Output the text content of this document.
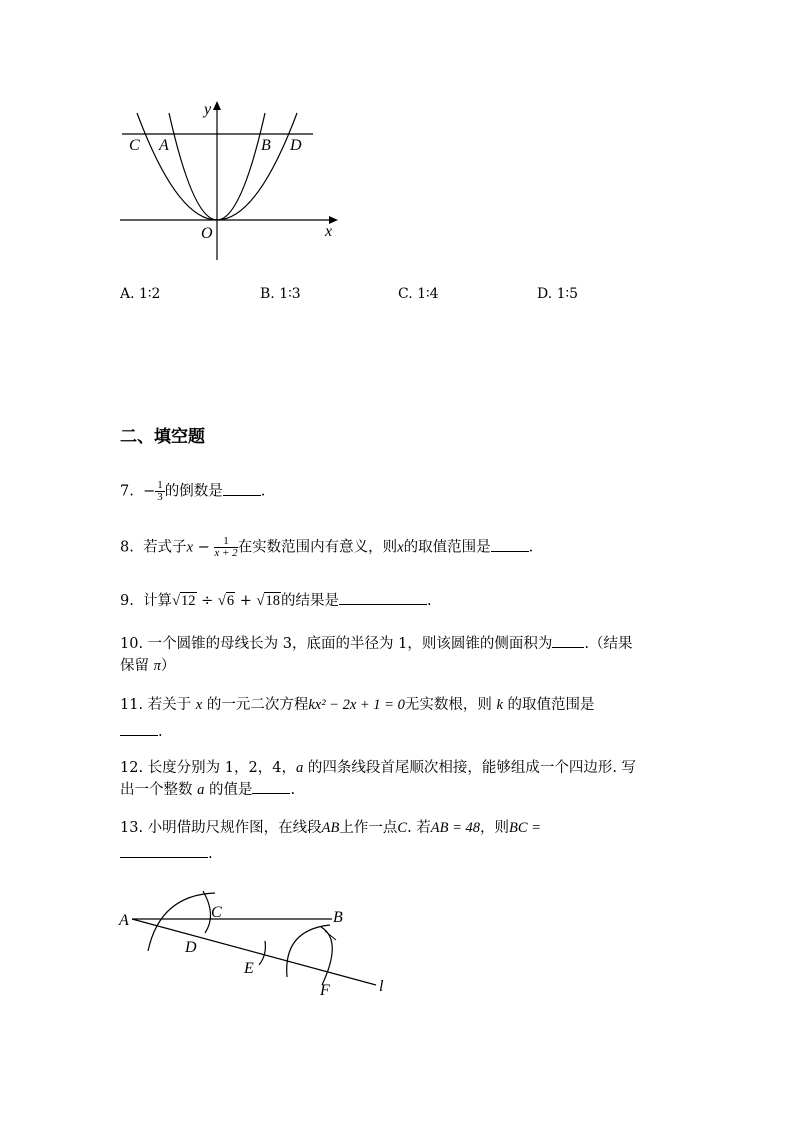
y
x
O
C A	B D
A. 1∶2	B. 1∶3	C. 1∶4	D. 1∶5
二、填空题
7. − $\frac{1}{3}$ 的倒数是	.
8. 若式子$x - \frac{1}{x + 2}$ 在实数范围内有意义，则x的取值范围是	.
9. 计算√12 ÷ √6 + √18的结果是	.
10. 一个圆锥的母线长为 3，底面的半径为 1，则该圆锥的侧面积为 .（结果
保留 π）
11. 若关于 x 的一元二次方程kx² − 2x + 1 = 0无实数根，则 k 的取值范围是
.
12. 长度分别为 1，2，4，a 的四条线段首尾顺次相接，能够组成一个四边形. 写
出一个整数 a 的值是	.
13. 小明借助尺规作图，在线段AB上作一点C. 若AB = 48，则BC =
.
A	B
C
D
E
F	l
